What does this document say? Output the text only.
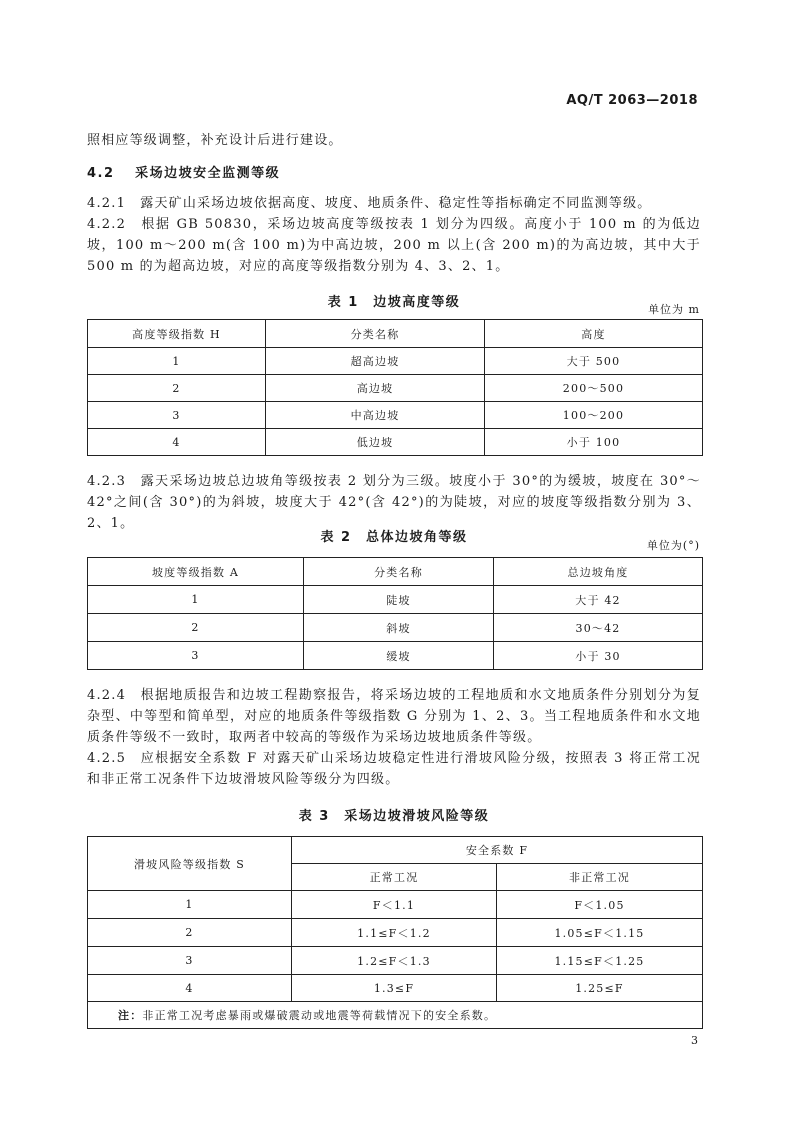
AQ/T 2063—2018

照相应等级调整，补充设计后进行建设。

4.2　 采场边坡安全监测等级

4.2.1　 露天矿山采场边坡依据高度、坡度、地质条件、稳定性等指标确定不同监测等级。

4.2.2　 根据 GB 50830，采场边坡高度等级按表 1 划分为四级。高度小于 100 m 的为低边坡，100 m～200 m(含 100 m)为中高边坡，200 m 以上(含 200 m)的为高边坡，其中大于 500 m 的为超高边坡，对应的高度等级指数分别为 4、3、2、1。

表 1　边坡高度等级	单位为 m
高度等级指数 H	分类名称	高度
1	超高边坡	大于 500
2	高边坡	200～500
3	中高边坡	100～200
4	低边坡	小于 100

4.2.3　 露天采场边坡总边坡角等级按表 2 划分为三级。坡度小于 30°的为缓坡，坡度在 30°～42°之间(含 30°)的为斜坡，坡度大于 42°(含 42°)的为陡坡，对应的坡度等级指数分别为 3、2、1。

表 2　总体边坡角等级
单位为(°)
坡度等级指数 A	分类名称	总边坡角度
1	陡坡	大于 42
2	斜坡	30～42
3	缓坡	小于 30

4.2.4　 根据地质报告和边坡工程勘察报告，将采场边坡的工程地质和水文地质条件分别划分为复杂型、中等型和简单型，对应的地质条件等级指数 G 分别为 1、2、3。当工程地质条件和水文地质条件等级不一致时，取两者中较高的等级作为采场边坡地质条件等级。

4.2.5　 应根据安全系数 F 对露天矿山采场边坡稳定性进行滑坡风险分级，按照表 3 将正常工况和非正常工况条件下边坡滑坡风险等级分为四级。

表 3　采场边坡滑坡风险等级
滑坡风险等级指数 S	安全系数 F	
	正常工况	非正常工况
1	F＜1.1	F＜1.05
2	1.1≤F＜1.2	1.05≤F＜1.15
3	1.2≤F＜1.3	1.15≤F＜1.25
4	1.3≤F	1.25≤F
注：非正常工况考虑暴雨或爆破震动或地震等荷载情况下的安全系数。		
3
